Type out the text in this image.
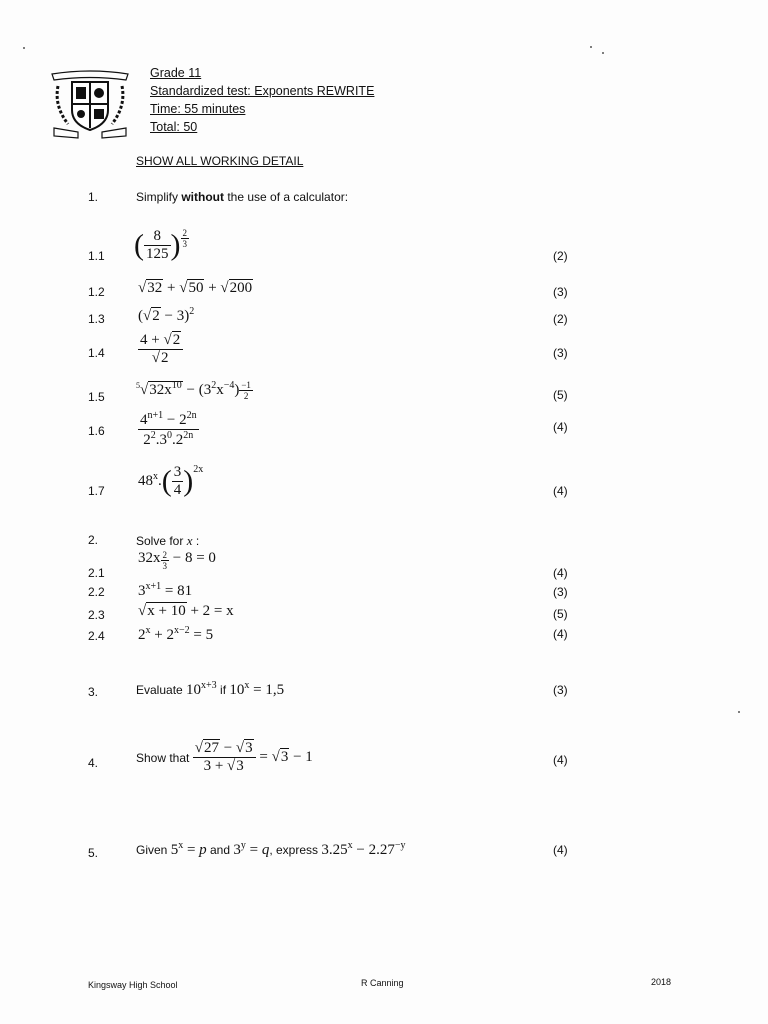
Grade 11
Standardized test: Exponents REWRITE
Time: 55 minutes
Total: 50
SHOW ALL WORKING DETAIL
1.	Simplify without the use of a calculator:
1.1 ( $\frac{8}{125}$ ) $\frac{2}{3}$
(2)
1.2 √32 + √50 + √200	(3)
1.3 $(√2 - 3)^2$
(2)
$1.4 \frac{4 + √2}{√2}$	(3)
1.5
$^5√32x^{10} - (3^2x^{-4}) \frac{-1}{2}$	(5)
$1.6 \frac{4^{n+1} - 2^{2n}}{2^2.3^0.2^{2n}}$	(4)
1.7
$48^x.( \frac{3}{4} )^{2x}$
(4)
2.	Solve for x :
2.1
$32x \frac{2}{3} - 8 = 0$
(4)
2.2 $3^{x+1} = 81$	(3)
2.3 √x + 10 + 2 = x	(5)
2.4 $2^x + 2^{x-2} = 5$	(4)
3.	Evaluate $10^{x+3}$ if $10^x = 1,5$	(3)
4.	Show that $\frac{√27 - √3}{3 + √3} = √3 - 1$	(4)
5.	Given $5^x = p$ and $3^y = q$, express $3.25^x - 2.27^{-y}$	(4)
Kingsway High School	R Canning	2018
